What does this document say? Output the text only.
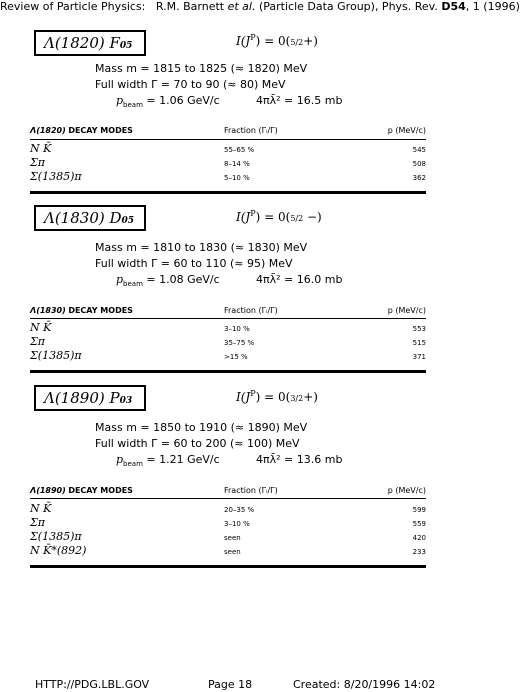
Review of Particle Physics: R.M. Barnett et al. (Particle Data Group), Phys. Rev. D54, 1 (1996)
Λ(1820) F05	$I(J^P) = 0(5/2+)$
Mass m = 1815 to 1825 (≈ 1820) MeV
Full width Γ = 70 to 90 (≈ 80) MeV
$p_{beam} = 1.06$ GeV/c	4πλ̄² = 16.5 mb
Λ(1820) DECAY MODES	Fraction (Γᵢ/Γ)	p (MeV/c)
N K̄	55–65 %	545
Σπ	8–14 %	508
Σ(1385)π	5–10 %	362
Λ(1830) D05	$I(J^P) = 0(5/2$ −)
Mass m = 1810 to 1830 (≈ 1830) MeV
Full width Γ = 60 to 110 (≈ 95) MeV
$p_{beam} = 1.08$ GeV/c	4πλ̄² = 16.0 mb
Λ(1830) DECAY MODES	Fraction (Γᵢ/Γ)	p (MeV/c)
N K̄	3–10 %	553
Σπ	35–75 %	515
Σ(1385)π	>15 %	371
Λ(1890) P03	$I(J^P) = 0(3/2+)$
Mass m = 1850 to 1910 (≈ 1890) MeV
Full width Γ = 60 to 200 (≈ 100) MeV
$p_{beam} = 1.21$ GeV/c	4πλ̄² = 13.6 mb
Λ(1890) DECAY MODES	Fraction (Γᵢ/Γ)	p (MeV/c)
N K̄	20–35 %	599
Σπ	3–10 %	559
Σ(1385)π	seen	420
N K̄*(892)	seen	233
HTTP://PDG.LBL.GOV	Page 18	Created: 8/20/1996 14:02
